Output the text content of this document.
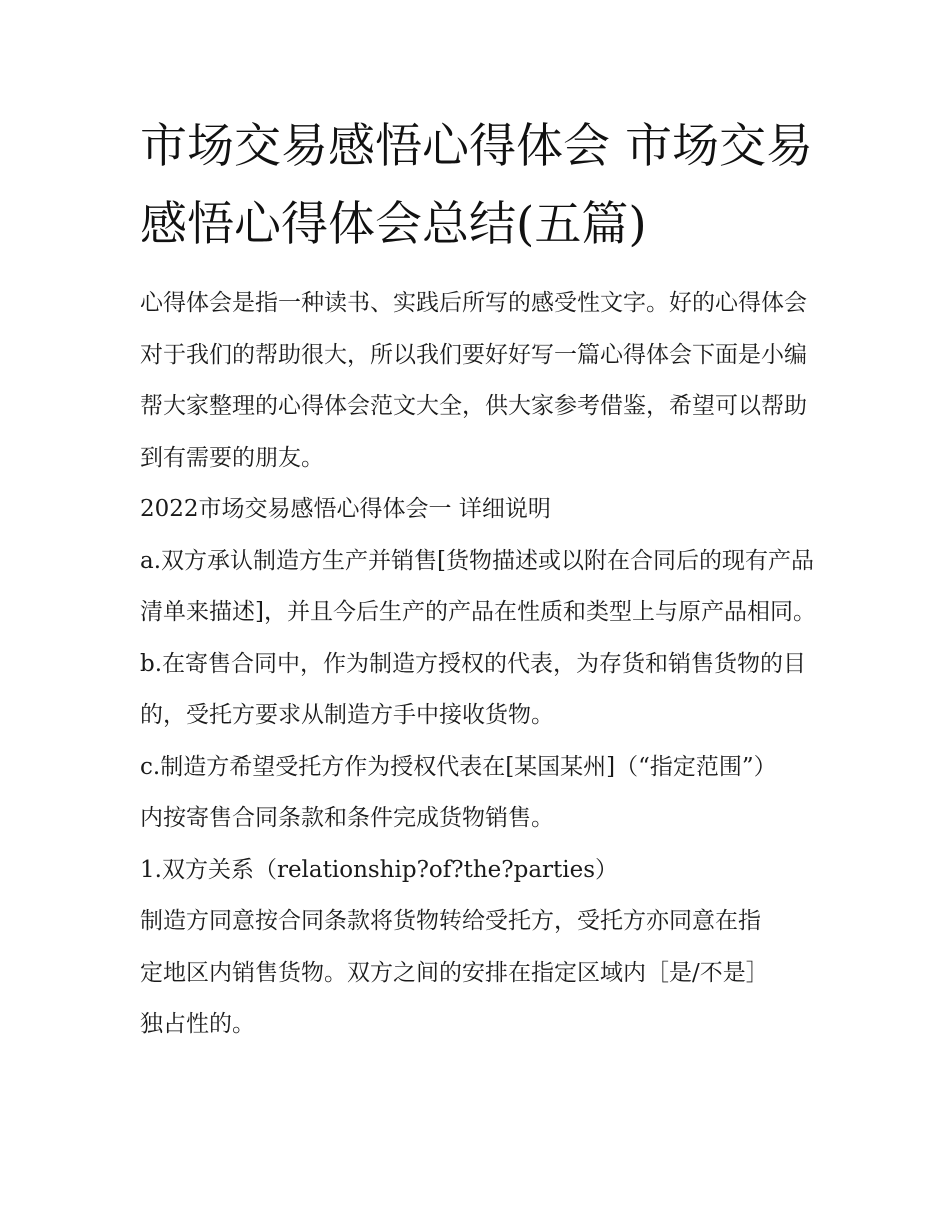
市场交易感悟心得体会 市场交易感悟心得体会总结(五篇)

心得体会是指一种读书、实践后所写的感受性文字。好的心得体会对于我们的帮助很大，所以我们要好好写一篇心得体会下面是小编帮大家整理的心得体会范文大全，供大家参考借鉴，希望可以帮助到有需要的朋友。

2022市场交易感悟心得体会一 详细说明

a.双方承认制造方生产并销售[货物描述或以附在合同后的现有产品清单来描述]，并且今后生产的产品在性质和类型上与原产品相同。

b.在寄售合同中，作为制造方授权的代表，为存货和销售货物的目的，受托方要求从制造方手中接收货物。

c.制造方希望受托方作为授权代表在[某国某州]（“指定范围”）内按寄售合同条款和条件完成货物销售。

1.双方关系（relationship?of?the?parties）

制造方同意按合同条款将货物转给受托方，受托方亦同意在指定地区内销售货物。双方之间的安排在指定区域内［是/不是］独占性的。
